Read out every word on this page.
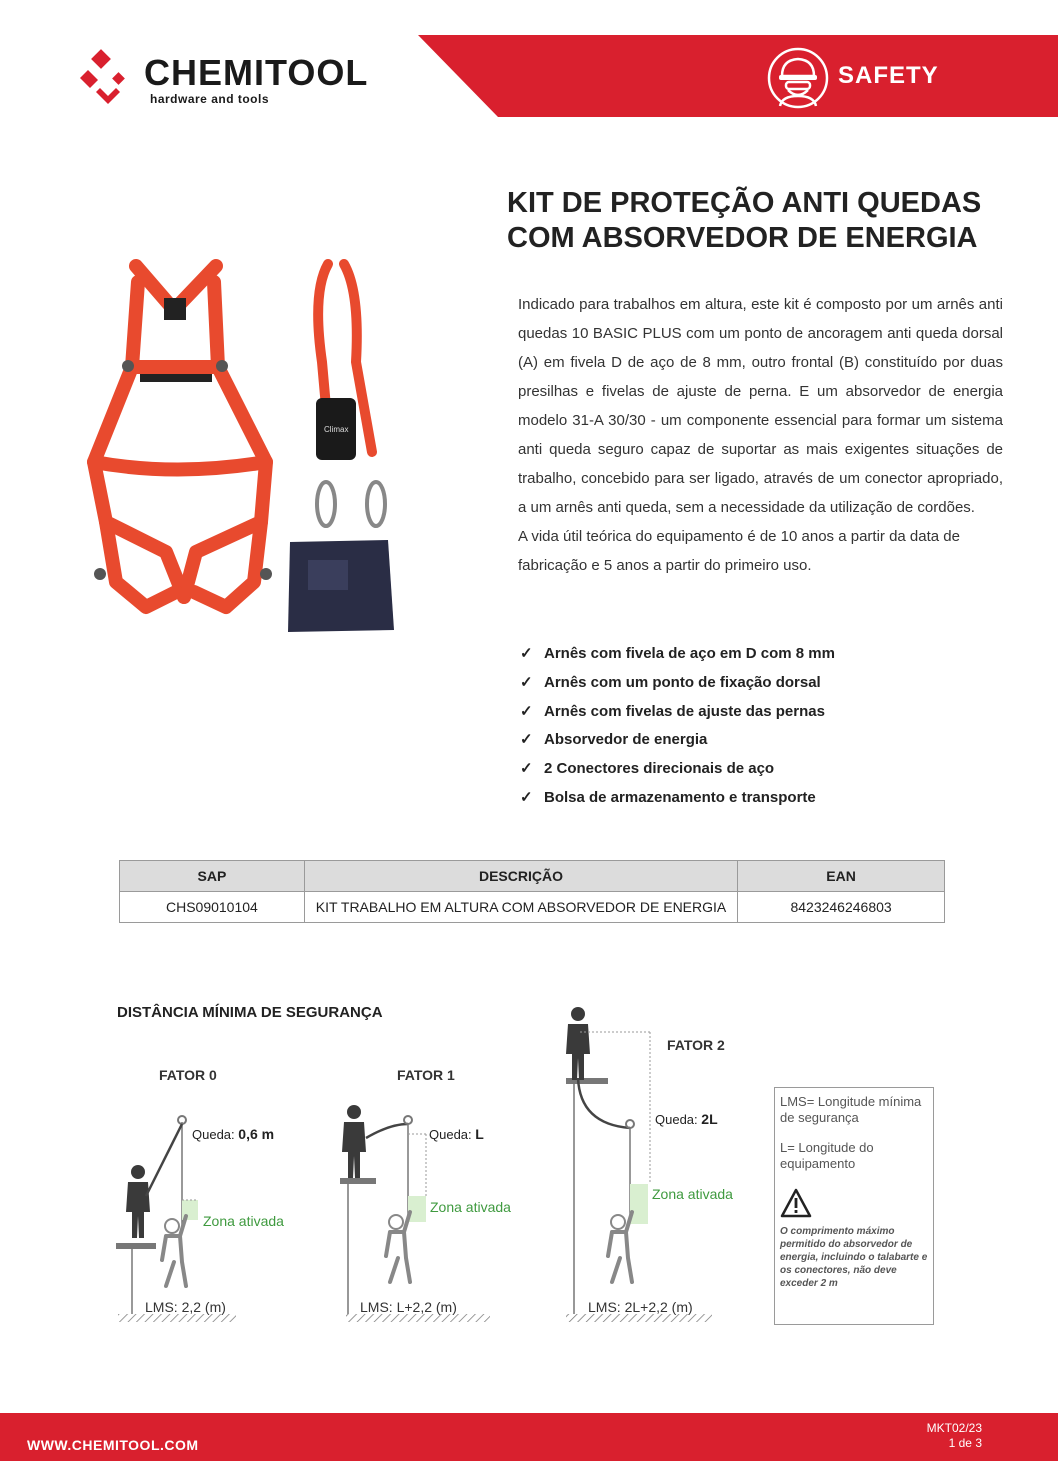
CHEMITOOL
hardware and tools
SAFETY
KIT DE PROTEÇÃO ANTI QUEDAS
COM ABSORVEDOR DE ENERGIA
Climax

Indicado para trabalhos em altura, este kit é composto por um arnês anti quedas 10 BASIC PLUS com um ponto de ancoragem anti queda dorsal (A) em fivela D de aço de 8 mm, outro frontal (B) constituído por duas presilhas e fivelas de ajuste de perna. E um absorvedor de energia modelo 31-A 30/30 - um componente essencial para formar um sistema anti queda seguro capaz de suportar as mais exigentes situações de trabalho, concebido para ser ligado, através de um conector apropriado, a um arnês anti queda, sem a necessidade da utilização de cordões.

A vida útil teórica do equipamento é de 10 anos a partir da data de fabricação e 5 anos a partir do primeiro uso.

✓ Arnês com fivela de aço em D com 8 mm
✓ Arnês com um ponto de fixação dorsal
✓ Arnês com fivelas de ajuste das pernas
✓ Absorvedor de energia
✓ 2 Conectores direcionais de aço
✓ Bolsa de armazenamento e transporte
SAP	DESCRIÇÃO	EAN
CHS09010104	KIT TRABALHO EM ALTURA COM ABSORVEDOR DE ENERGIA	8423246246803
DISTÂNCIA MÍNIMA DE SEGURANÇA
FATOR 0	FATOR 1
FATOR 2
Queda: 0,6 m	Queda: L
Queda: 2L
Zona ativada
Zona ativada
Zona ativada
LMS: 2,2 (m)	LMS: L+2,2 (m)	LMS: 2L+2,2 (m)
LMS= Longitude mínima de segurança
L= Longitude do equipamento
O comprimento máximo permitido do absorvedor de energia, incluindo o talabarte e os conectores, não deve exceder 2 m
WWW.CHEMITOOL.COM
MKT02/23
1 de 3
